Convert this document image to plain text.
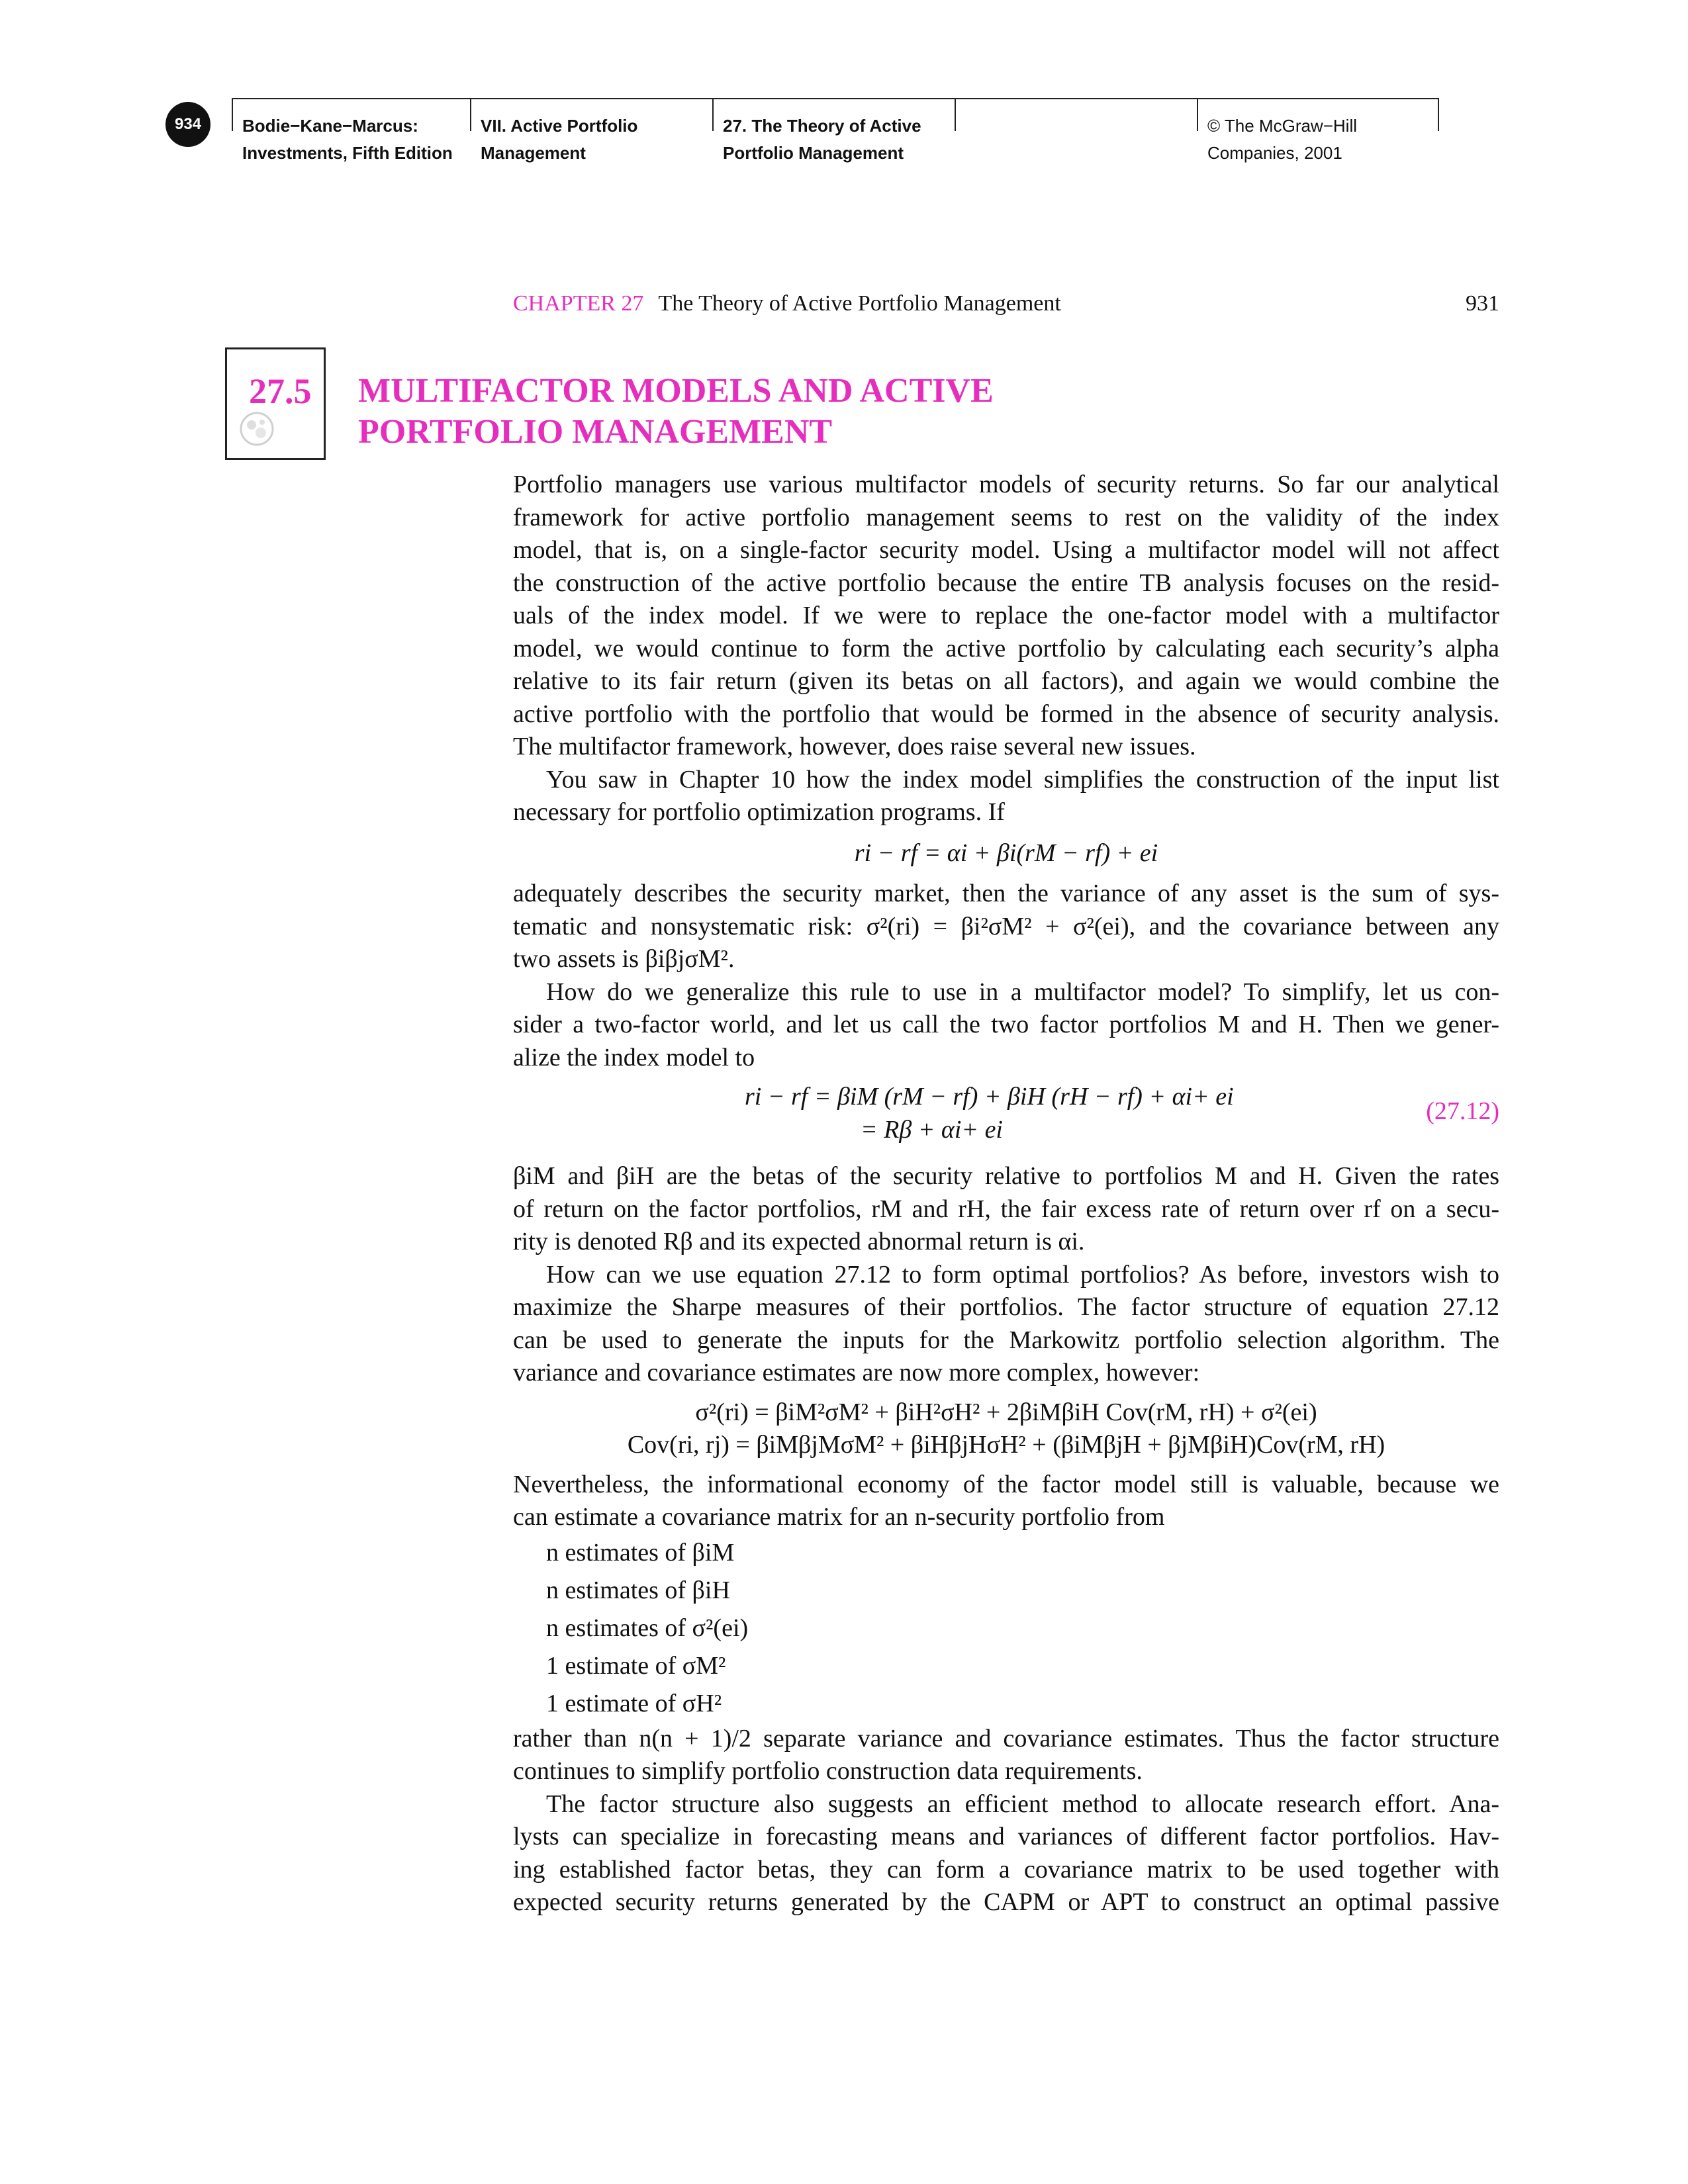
934	Bodie−Kane−Marcus:
Investments, Fifth Edition
VII. Active Portfolio
Management
27. The Theory of Active
Portfolio Management
© The McGraw−Hill
Companies, 2001
CHAPTER 27 The Theory of Active Portfolio Management	931
27.5 MULTIFACTOR MODELS AND ACTIVE
PORTFOLIO MANAGEMENT

Portfolio managers use various multifactor models of security returns. So far our analytical
framework for active portfolio management seems to rest on the validity of the index
model, that is, on a single-factor security model. Using a multifactor model will not affect
the construction of the active portfolio because the entire TB analysis focuses on the resid-
uals of the index model. If we were to replace the one-factor model with a multifactor
model, we would continue to form the active portfolio by calculating each security’s alpha
relative to its fair return (given its betas on all factors), and again we would combine the
active portfolio with the portfolio that would be formed in the absence of security analysis.
The multifactor framework, however, does raise several new issues.

You saw in Chapter 10 how the index model simplifies the construction of the input list
necessary for portfolio optimization programs. If

ri − rf = αi + βi(rM − rf) + ei

adequately describes the security market, then the variance of any asset is the sum of sys-
tematic and nonsystematic risk: σ²(ri) = βi²σM² + σ²(ei), and the covariance between any
two assets is βiβjσM².

How do we generalize this rule to use in a multifactor model? To simplify, let us con-
sider a two-factor world, and let us call the two factor portfolios M and H. Then we gener-
alize the index model to

ri − rf = βiM (rM − rf) + βiH (rH − rf) + αi+ ei
= Rβ + αi+ ei
(27.12)

βiM and βiH are the betas of the security relative to portfolios M and H. Given the rates
of return on the factor portfolios, rM and rH, the fair excess rate of return over rf on a secu-
rity is denoted Rβ and its expected abnormal return is αi.

How can we use equation 27.12 to form optimal portfolios? As before, investors wish to
maximize the Sharpe measures of their portfolios. The factor structure of equation 27.12
can be used to generate the inputs for the Markowitz portfolio selection algorithm. The
variance and covariance estimates are now more complex, however:

σ²(ri) = βiM²σM² + βiH²σH² + 2βiMβiH Cov(rM, rH) + σ²(ei)
Cov(ri, rj) = βiMβjMσM² + βiHβjHσH² + (βiMβjH + βjMβiH)Cov(rM, rH)

Nevertheless, the informational economy of the factor model still is valuable, because we
can estimate a covariance matrix for an n-security portfolio from

n estimates of βiM
n estimates of βiH
n estimates of σ²(ei)
1 estimate of σM²
1 estimate of σH²

rather than n(n + 1)/2 separate variance and covariance estimates. Thus the factor structure
continues to simplify portfolio construction data requirements.

The factor structure also suggests an efficient method to allocate research effort. Ana-
lysts can specialize in forecasting means and variances of different factor portfolios. Hav-
ing established factor betas, they can form a covariance matrix to be used together with
expected security returns generated by the CAPM or APT to construct an optimal passive
